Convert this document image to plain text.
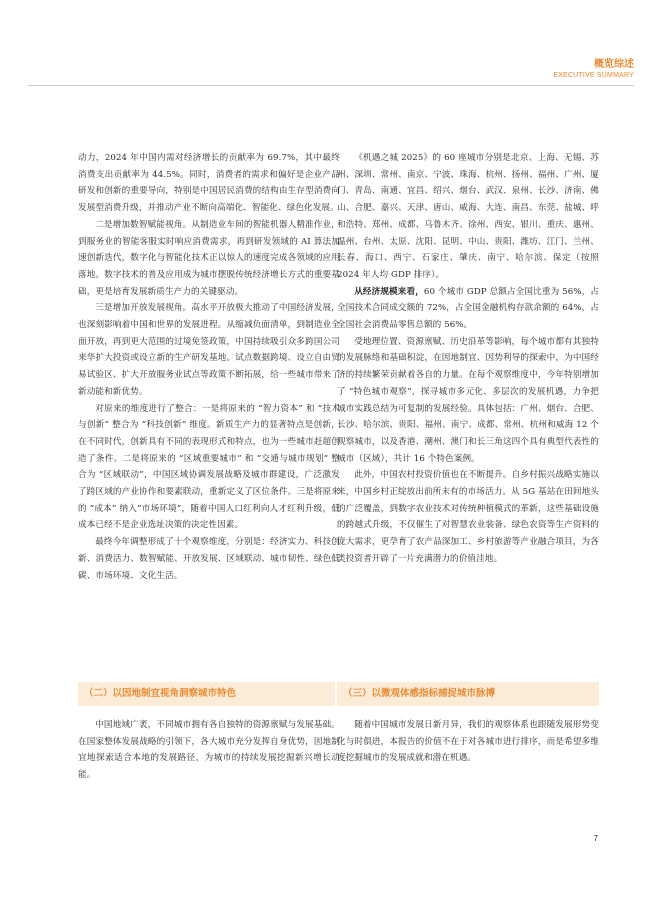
概览综述
EXECUTIVE SUMMARY

动力，2024 年中国内需对经济增长的贡献率为 69.7%，其中最终消费支出贡献率为 44.5%。同时，消费者的需求和偏好是企业产品研发和创新的重要导向，特别是中国居民消费的结构由生存型消费向发展型消费升级，并推动产业不断向高端化、智能化、绿色化发展。

二是增加数智赋能视角。从制造业车间的智能机器人精准作业，到服务业的智能客服实时响应消费需求，再到研发领域的 AI 算法加速创新迭代，数字化与智能化技术正以惊人的速度完成各领域的应用落地。数字技术的普及应用成为城市摆脱传统经济增长方式的重要基础，更是培育发展新质生产力的关键驱动。

三是增加开放发展视角。高水平开放极大推动了中国经济发展，也深刻影响着中国和世界的发展进程。从缩减负面清单，到制造业全面开放，再到更大范围的过境免签政策，中国持续吸引众多跨国公司来华扩大投资或设立新的生产研发基地。试点数据跨境、设立自由贸易试验区、扩大开放服务业试点等政策不断拓展，给一些城市带来了新动能和新优势。

对原来的维度进行了整合：一是将原来的 “智力资本” 和 “技术与创新” 整合为 “科技创新” 维度。新质生产力的显著特点是创新，在不同时代，创新具有不同的表现形式和特点，也为一些城市赶超创造了条件。二是将原来的 “区域重要城市” 和 “交通与城市规划” 整合为 “区域联动”，中国区域协调发展战略及城市群建设，广泛激发了跨区域的产业协作和要素联动，重新定义了区位条件。三是将原来的 “成本” 纳入“市场环境”，随着中国人口红利向人才红利升级，低成本已经不是企业选址决策的决定性因素。

最终今年调整形成了十个观察维度，分别是：经济实力、科技创新、消费活力、数智赋能、开放发展、区域联动、城市韧性、绿色低碳、市场环境、文化生活。

《机遇之城 2025》的 60 座城市分别是北京、上海、无锡、苏州、深圳、常州、南京、宁波、珠海、杭州、扬州、福州、广州、厦门、青岛、南通、宜昌、绍兴、烟台、武汉、泉州、长沙、济南、佛山、合肥、嘉兴、天津、唐山、威海、大连、南昌、东莞、盐城、呼和浩特、郑州、成都、乌鲁木齐、徐州、西安、银川、重庆、惠州、温州、台州、太原、沈阳、昆明、中山、贵阳、潍坊、江门、兰州、长春、海口、西宁、石家庄、肇庆、南宁、哈尔滨、保定（按照 2024 年人均 GDP 排序）。

从经济规模来看，60 个城市 GDP 总额占全国比重为 56%，占全国技术合同成交额的 72%，占全国金融机构存款余额的 64%，占全国社会消费品零售总额的 56%。

受地理位置、资源禀赋、历史沿革等影响，每个城市都有其独特的发展脉络和基础积淀，在因地制宜、因势利导的探索中，为中国经济的持续繁荣贡献着各自的力量。在每个观察维度中，今年特别增加了 “特色城市观察”，探寻城市多元化、多层次的发展机遇，力争把城市实践总结为可复制的发展经验。具体包括：广州、烟台、合肥、长沙、哈尔滨、贵阳、福州、南宁、成都、常州、杭州和威海 12 个观察城市，以及香港、潮州、澳门和长三角这四个具有典型代表性的城市（区域），共计 16 个特色案例。

此外，中国农村投资价值也在不断提升。自乡村振兴战略实施以来，中国乡村正绽放出前所未有的市场活力。从 5G 基站在田间地头的广泛覆盖，到数字农业技术对传统种植模式的革新，这些基础设施的跨越式升级，不仅催生了对智慧农业装备、绿色农资等生产资料的庞大需求，更孕育了农产品深加工、乡村旅游等产业融合项目，为各类投资者开辟了一片充满潜力的价值洼地。

（二）以因地制宜视角洞察城市特色	（三）以微观体感指标捕捉城市脉搏

中国地域广袤，不同城市拥有各自独特的资源禀赋与发展基础。在国家整体发展战略的引领下，各大城市充分发挥自身优势，因地制宜地探索适合本地的发展路径，为城市的持续发展挖掘新兴增长动能。

随着中国城市发展日新月异，我们的观察体系也跟随发展形势变化与时俱进，本报告的价值不在于对各城市进行排序，而是希望多维度挖掘城市的发展成就和潜在机遇。

7
